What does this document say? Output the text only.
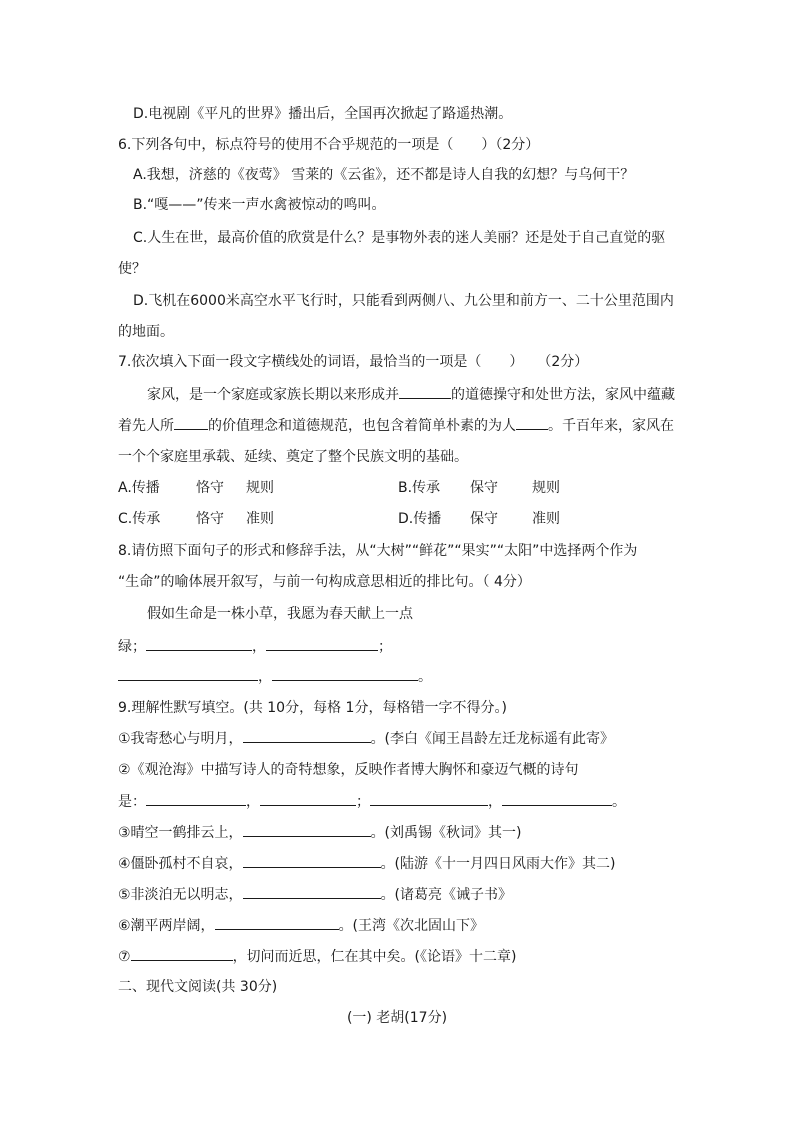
D.电视剧《平凡的世界》播出后，全国再次掀起了路遥热潮。
6.下列各句中，标点符号的使用不合乎规范的一项是（　　）（2分）
A.我想，济慈的《夜莺》 雪莱的《云雀》，还不都是诗人自我的幻想？与乌何干？
B.“嘎——”传来一声水禽被惊动的鸣叫。
C.人生在世，最高价值的欣赏是什么？是事物外表的迷人美丽？还是处于自己直觉的驱
使？
D.飞机在6000米高空水平飞行时，只能看到两侧八、九公里和前方一、二十公里范围内
的地面。
7.依次填入下面一段文字横线处的词语，最恰当的一项是（　　）　　（2分）
家风，是一个家庭或家族长期以来形成并	的道德操守和处世方法，家风中蕴藏
着先人所 的价值理念和道德规范，也包含着简单朴素的为人 。千百年来，家风在
一个个家庭里承载、延续、奠定了整个民族文明的基础。
A.传播	恪守 规则	B.传承 保守 规则
C.传承	恪守 准则	D.传播 保守 准则
8.请仿照下面句子的形式和修辞手法，从“大树”“鲜花”“果实”“太阳”中选择两个作为
“生命”的喻体展开叙写，与前一句构成意思相近的排比句。（ 4分）
假如生命是一株小草，我愿为春天献上一点
绿；	，	；
，	。
9.理解性默写填空。(共 10分，每格 1分，每格错一字不得分。)
①我寄愁心与明月，	。(李白《闻王昌龄左迁龙标遥有此寄》
②《观沧海》中描写诗人的奇特想象，反映作者博大胸怀和豪迈气概的诗句
是：	，	；	，	。
③晴空一鹤排云上，	。(刘禹锡《秋词》其一)
④僵卧孤村不自哀，	。(陆游《十一月四日风雨大作》其二)
⑤非淡泊无以明志，	。(诸葛亮《诫子书》
⑥潮平两岸阔，	。(王湾《次北固山下》
⑦	，切问而近思，仁在其中矣。(《论语》十二章)
二、现代文阅读(共 30分)
(一) 老胡(17分)
